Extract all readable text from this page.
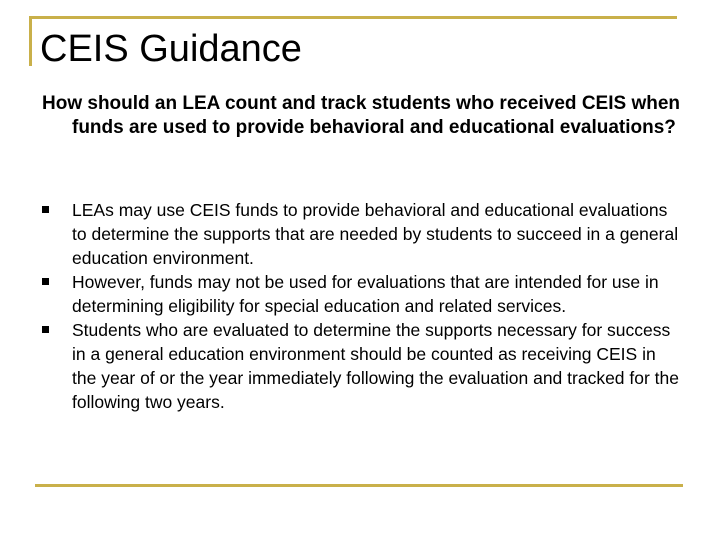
CEIS Guidance

How should an LEA count and track students who received CEIS when funds are used to provide behavioral and educational evaluations?

LEAs may use CEIS funds to provide behavioral and educational evaluations to determine the supports that are needed by students to succeed in a general education environment.
However, funds may not be used for evaluations that are intended for use in determining eligibility for special education and related services.
Students who are evaluated to determine the supports necessary for success in a general education environment should be counted as receiving CEIS in the year of or the year immediately following the evaluation and tracked for the following two years.
